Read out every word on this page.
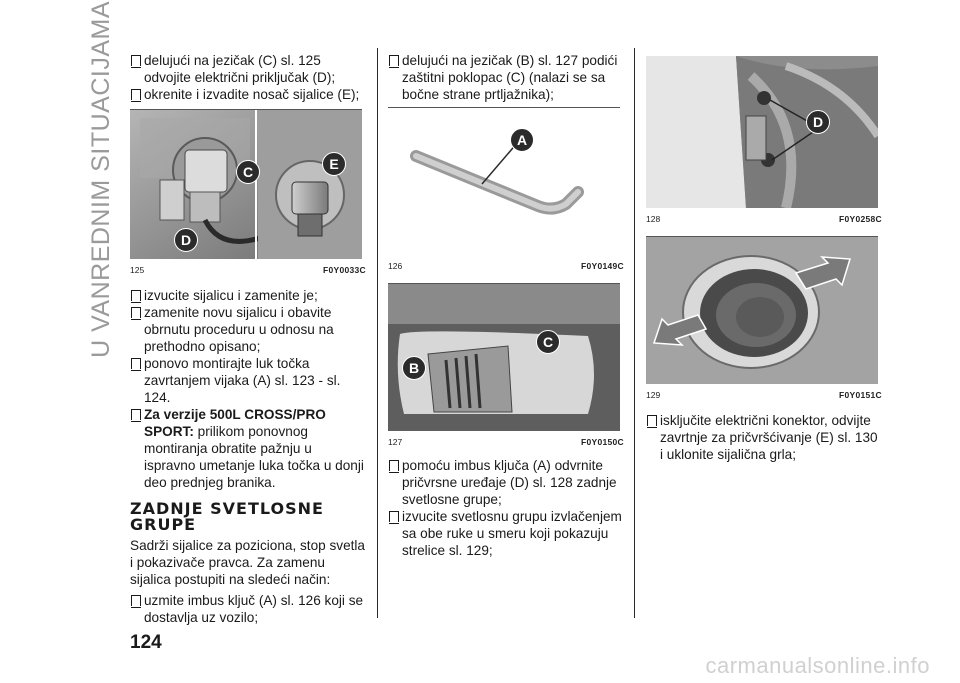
U VANREDNIM SITUACIJAMA	delujući na jezičak (C) sl. 125 odvojite električni priključak (D);
okrenite i izvadite nosač sijalice (E);
C	E
D
125	F0Y0033C
izvucite sijalicu i zamenite je;
zamenite novu sijalicu i obavite obrnutu proceduru u odnosu na prethodno opisano;
ponovo montirajte luk točka zavrtanjem vijaka (A) sl. 123 - sl. 124.
Za verzije 500L CROSS/PRO SPORT: prilikom ponovnog montiranja obratite pažnju u ispravno umetanje luka točka u donji deo prednjeg branika.
ZADNJE SVETLOSNE GRUPE

Sadrži sijalice za poziciona, stop svetla i pokazivače pravca. Za zamenu sijalica postupiti na sledeći način:

uzmite imbus ključ (A) sl. 126 koji se dostavlja uz vozilo;
delujući na jezičak (B) sl. 127 podići zaštitni poklopac (C) (nalazi se sa bočne strane prtljažnika);
A
126	F0Y0149C
C
B
127	F0Y0150C
pomoću imbus ključa (A) odvrnite pričvrsne uređaje (D) sl. 128 zadnje svetlosne grupe;
izvucite svetlosnu grupu izvlačenjem sa obe ruke u smeru koji pokazuju strelice sl. 129;
D
128	F0Y0258C
129	F0Y0151C
isključite električni konektor, odvijte zavrtnje za pričvršćivanje (E) sl. 130 i uklonite sijalična grla;
124
carmanualsonline.info
